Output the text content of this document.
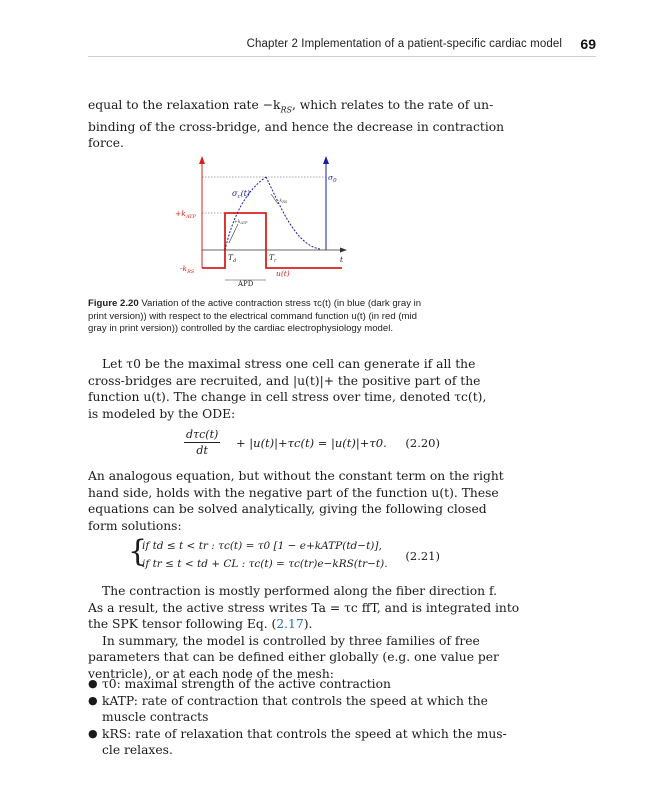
Chapter 2 Implementation of a patient-specific cardiac model 69
equal to the relaxation rate $-k_{RS}$, which relates to the rate of un-
binding of the cross-bridge, and hence the decrease in contraction
force.
$\sigma_0$
$\sigma_c(t)$
$+k_{ATP}$
$-k_{RS}$
$+k_{ATP}$
$-k_{RS}$
$T_d$	$T_r$	t
u(t)
APD
Figure 2.20 Variation of the active contraction stress τc(t) (in blue (dark gray in
print version)) with respect to the electrical command function u(t) (in red (mid
gray in print version)) controlled by the cardiac electrophysiology model.
Let τ0 be the maximal stress one cell can generate if all the
cross-bridges are recruited, and |u(t)|+ the positive part of the
function u(t). The change in cell stress over time, denoted τc(t),
is modeled by the ODE:
dτc(t)
dt
+ |u(t)|+τc(t) = |u(t)|+τ0. (2.20)
An analogous equation, but without the constant term on the right
hand side, holds with the negative part of the function u(t). These
equations can be solved analytically, giving the following closed
form solutions:
{
if td ≤ t < tr : τc(t) = τ0 [1 − e+kATP(td−t)],
if tr ≤ t < td + CL : τc(t) = τc(tr)e−kRS(tr−t).
(2.21)
The contraction is mostly performed along the fiber direction f.
As a result, the active stress writes Ta = τc ffT, and is integrated into
the SPK tensor following Eq. (2.17).
In summary, the model is controlled by three families of free
parameters that can be defined either globally (e.g. one value per
ventricle), or at each node of the mesh:
● τ0: maximal strength of the active contraction
● kATP: rate of contraction that controls the speed at which the
muscle contracts
● kRS: rate of relaxation that controls the speed at which the mus-
cle relaxes.
